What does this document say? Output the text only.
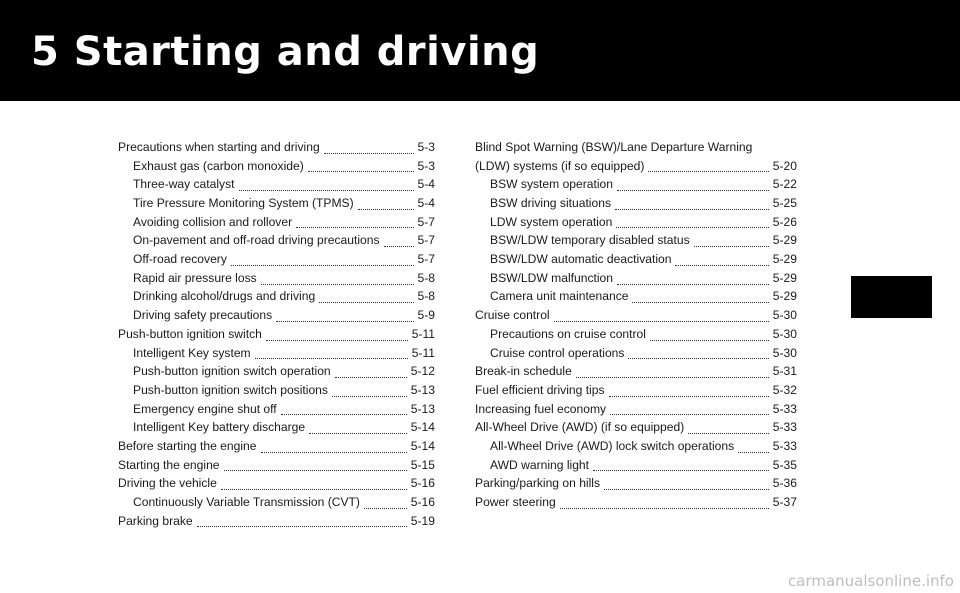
5 Starting and driving
Precautions when starting and driving	5-3
Exhaust gas (carbon monoxide)	5-3
Three-way catalyst	5-4
Tire Pressure Monitoring System (TPMS)	5-4
Avoiding collision and rollover	5-7
On-pavement and off-road driving precautions	5-7
Off-road recovery	5-7
Rapid air pressure loss	5-8
Drinking alcohol/drugs and driving	5-8
Driving safety precautions	5-9
Push-button ignition switch	5-11
Intelligent Key system	5-11
Push-button ignition switch operation	5-12
Push-button ignition switch positions	5-13
Emergency engine shut off	5-13
Intelligent Key battery discharge	5-14
Before starting the engine	5-14
Starting the engine	5-15
Driving the vehicle	5-16
Continuously Variable Transmission (CVT)	5-16
Parking brake	5-19
Blind Spot Warning (BSW)/Lane Departure Warning
(LDW) systems (if so equipped)	5-20
BSW system operation	5-22
BSW driving situations	5-25
LDW system operation	5-26
BSW/LDW temporary disabled status	5-29
BSW/LDW automatic deactivation	5-29
BSW/LDW malfunction	5-29
Camera unit maintenance	5-29
Cruise control	5-30
Precautions on cruise control	5-30
Cruise control operations	5-30
Break-in schedule	5-31
Fuel efficient driving tips	5-32
Increasing fuel economy	5-33
All-Wheel Drive (AWD) (if so equipped)	5-33
All-Wheel Drive (AWD) lock switch operations	5-33
AWD warning light	5-35
Parking/parking on hills	5-36
Power steering	5-37
carmanualsonline.info
